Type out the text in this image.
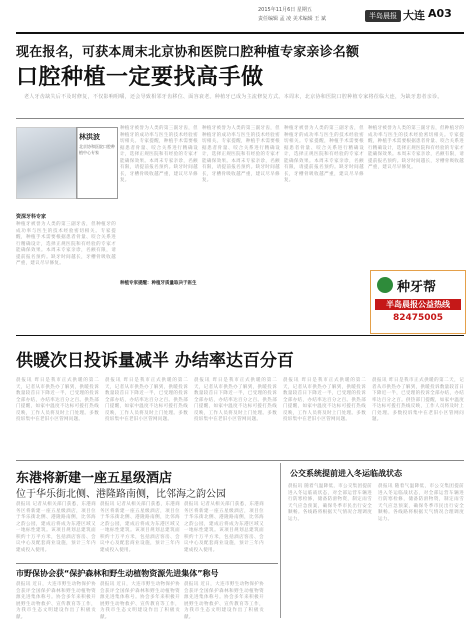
2015年11月6日 星期五
责任编辑 孟 凌 美术编辑 王 斌	半岛晨报 大连 A03
现在报名，可获本周末北京协和医院口腔种植专家亲诊名额
口腔种植一定要找高手做
老人牙齿缺失后不及时修复，不仅影响咀嚼，还会导致相邻牙齿移位、面容衰老。种植牙已成为主流修复方式。本周末，北京协和医院口腔种植专家将莅临大连，为缺牙患者亲诊。
林洪波
北京协和医院口腔种植中心专家
资深牙科专家
种植牙被誉为人类的第三副牙齿，但种植牙的成功率与医生的技术经验密切相关。专家提醒，种植手术需要根据患者骨量、咬合关系进行精确设计，选择正规医院和有经验的专家才能确保效果。本周末专家亲诊，名额有限，请提前报名预约。缺牙时间越长，牙槽骨吸收越严重，建议尽早修复。
种植牙被誉为人类的第三副牙齿，但种植牙的成功率与医生的技术经验密切相关。专家提醒，种植手术需要根据患者骨量、咬合关系进行精确设计，选择正规医院和有经验的专家才能确保效果。本周末专家亲诊，名额有限，请提前报名预约。缺牙时间越长，牙槽骨吸收越严重，建议尽早修复。
种植牙被誉为人类的第三副牙齿，但种植牙的成功率与医生的技术经验密切相关。专家提醒，种植手术需要根据患者骨量、咬合关系进行精确设计，选择正规医院和有经验的专家才能确保效果。本周末专家亲诊，名额有限，请提前报名预约。缺牙时间越长，牙槽骨吸收越严重，建议尽早修复。
种植牙被誉为人类的第三副牙齿，但种植牙的成功率与医生的技术经验密切相关。专家提醒，种植手术需要根据患者骨量、咬合关系进行精确设计，选择正规医院和有经验的专家才能确保效果。本周末专家亲诊，名额有限，请提前报名预约。缺牙时间越长，牙槽骨吸收越严重，建议尽早修复。
种植专家提醒：种植牙质量取决于医生
种植牙被誉为人类的第三副牙齿，但种植牙的成功率与医生的技术经验密切相关。专家提醒，种植手术需要根据患者骨量、咬合关系进行精确设计，选择正规医院和有经验的专家才能确保效果。本周末专家亲诊，名额有限，请提前报名预约。缺牙时间越长，牙槽骨吸收越严重，建议尽早修复。
种牙帮
半岛晨报公益热线
82475005
供暖次日投诉量减半 办结率达百分百
晨报讯 昨日是我市正式供暖的第二天，记者从市供热办了解到，供暖投诉数量较首日下降近一半，已受理的投诉全部办结，办结率达百分之百。供热部门提醒，如家中温度不达标可拨打热线反映，工作人员将及时上门处理。多数投诉集中在老旧小区管网问题。
晨报讯 昨日是我市正式供暖的第二天，记者从市供热办了解到，供暖投诉数量较首日下降近一半，已受理的投诉全部办结，办结率达百分之百。供热部门提醒，如家中温度不达标可拨打热线反映，工作人员将及时上门处理。多数投诉集中在老旧小区管网问题。
晨报讯 昨日是我市正式供暖的第二天，记者从市供热办了解到，供暖投诉数量较首日下降近一半，已受理的投诉全部办结，办结率达百分之百。供热部门提醒，如家中温度不达标可拨打热线反映，工作人员将及时上门处理。多数投诉集中在老旧小区管网问题。
晨报讯 昨日是我市正式供暖的第二天，记者从市供热办了解到，供暖投诉数量较首日下降近一半，已受理的投诉全部办结，办结率达百分之百。供热部门提醒，如家中温度不达标可拨打热线反映，工作人员将及时上门处理。多数投诉集中在老旧小区管网问题。
晨报讯 昨日是我市正式供暖的第二天，记者从市供热办了解到，供暖投诉数量较首日下降近一半，已受理的投诉全部办结，办结率达百分之百。供热部门提醒，如家中温度不达标可拨打热线反映，工作人员将及时上门处理。多数投诉集中在老旧小区管网问题。
东港将新建一座五星级酒店
位于华乐街北侧、港隆路南侧，比邻海之韵公园
晨报讯 记者从相关部门获悉，东港商务区将新建一座五星级酒店，项目位于华乐街北侧、港隆路南侧，比邻海之韵公园，建成后将成为东港区域又一地标性建筑。该项目规划总建筑面积约十万平方米，包括酒店客房、会议中心及配套商业设施，预计三年内建成投入使用。
晨报讯 记者从相关部门获悉，东港商务区将新建一座五星级酒店，项目位于华乐街北侧、港隆路南侧，比邻海之韵公园，建成后将成为东港区域又一地标性建筑。该项目规划总建筑面积约十万平方米，包括酒店客房、会议中心及配套商业设施，预计三年内建成投入使用。
晨报讯 记者从相关部门获悉，东港商务区将新建一座五星级酒店，项目位于华乐街北侧、港隆路南侧，比邻海之韵公园，建成后将成为东港区域又一地标性建筑。该项目规划总建筑面积约十万平方米，包括酒店客房、会议中心及配套商业设施，预计三年内建成投入使用。
市野保协会获“保护森林和野生动植物资源先进集体”称号
晨报讯 近日，大连市野生动物保护协会获评全国保护森林和野生动植物资源先进集体称号。协会多年来积极开展野生动物救护、宣传教育等工作，为我市生态文明建设作出了积极贡献。
晨报讯 近日，大连市野生动物保护协会获评全国保护森林和野生动植物资源先进集体称号。协会多年来积极开展野生动物救护、宣传教育等工作，为我市生态文明建设作出了积极贡献。
晨报讯 近日，大连市野生动物保护协会获评全国保护森林和野生动植物资源先进集体称号。协会多年来积极开展野生动物救护、宣传教育等工作，为我市生态文明建设作出了积极贡献。
公交系统提前进入冬运临战状态
晨报讯 随着气温降低，市公交集团提前进入冬运临战状态，对全部运营车辆进行防寒检修，储备防滑物资，制定雨雪天气应急预案，确保冬季市民出行安全顺畅。各线路将根据天气情况合理调度运力。
晨报讯 随着气温降低，市公交集团提前进入冬运临战状态，对全部运营车辆进行防寒检修，储备防滑物资，制定雨雪天气应急预案，确保冬季市民出行安全顺畅。各线路将根据天气情况合理调度运力。
